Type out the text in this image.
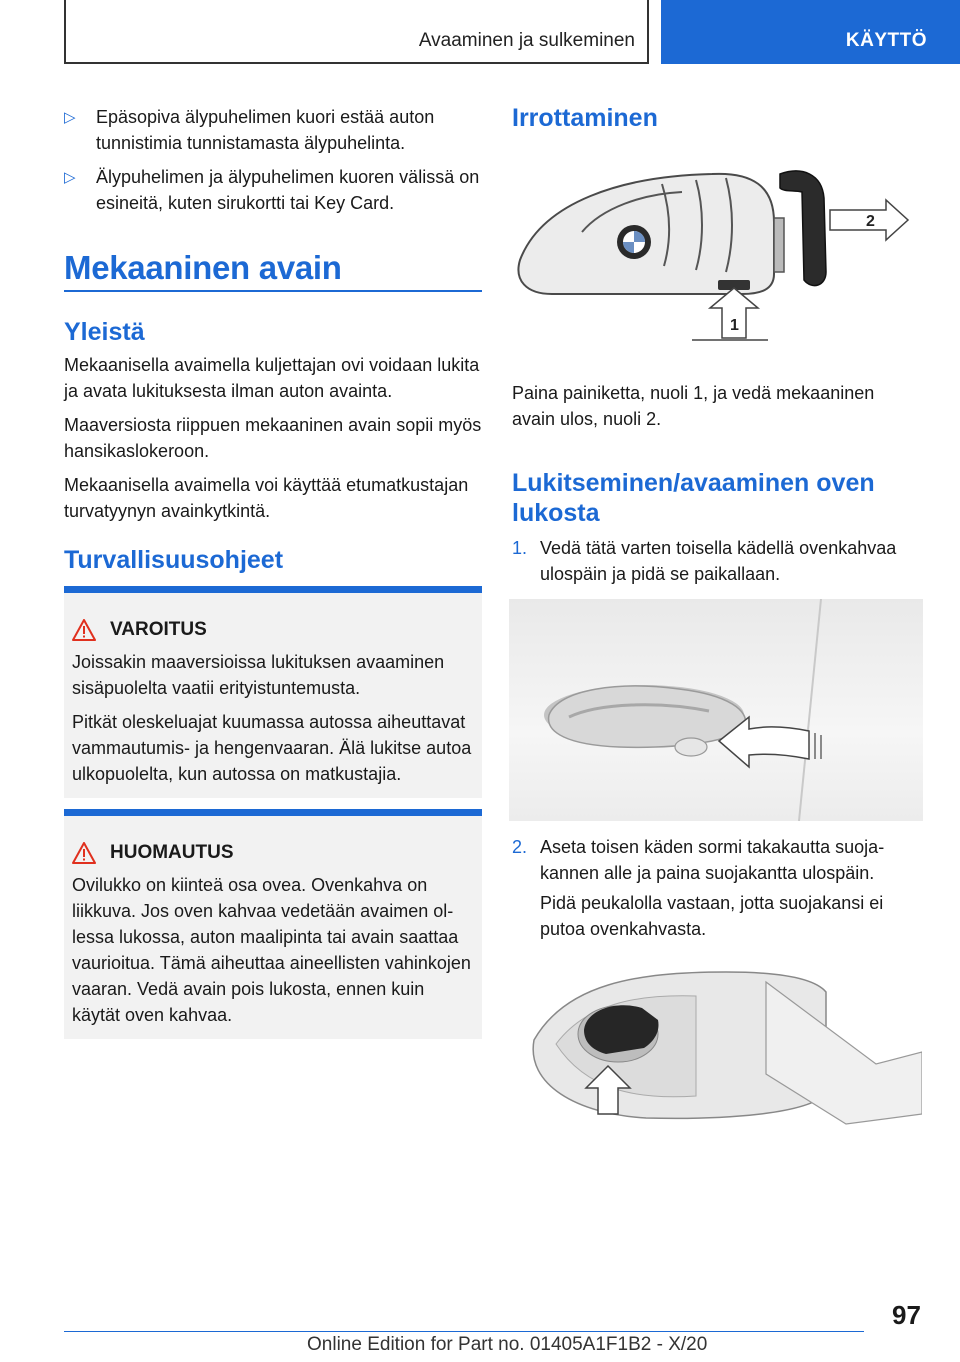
Avaaminen ja sulkeminen	KÄYTTÖ
▷	Epäsopiva älypuhelimen kuori estää auton tunnistimia tunnistamasta älypuhelinta.
▷	Älypuhelimen ja älypuhelimen kuoren välissä on esineitä, kuten sirukortti tai Key Card.
Mekaaninen avain
Yleistä

Mekaanisella avaimella kuljettajan ovi voidaan lukita ja avata lukituksesta ilman auton avainta.

Maaversiosta riippuen mekaaninen avain sopii myös hansikaslokeroon.

Mekaanisella avaimella voi käyttää etumatkustajan turvatyynyn avainkytkintä.

Turvallisuusohjeet
VAROITUS

Joissakin maaversioissa lukituksen avaaminen sisäpuolelta vaatii erityistuntemusta.

Pitkät oleskeluajat kuumassa autossa aiheuttavat vammautumis- ja hengenvaaran. Älä lukitse autoa ulkopuolelta, kun autossa on matkustajia.

HUOMAUTUS

Ovilukko on kiinteä osa ovea. Ovenkahva on liikkuva. Jos oven kahvaa vedetään avaimen ollessa lukossa, auton maalipinta tai avain saattaa vaurioitua. Tämä aiheuttaa aineellisten vahinkojen vaaran. Vedä avain pois lukosta, ennen kuin käytät oven kahvaa.

Irrottaminen
2
1
Paina painiketta, nuoli 1, ja vedä mekaaninen avain ulos, nuoli 2.
Lukitseminen/avaaminen oven lukosta
1. Vedä tätä varten toisella kädellä ovenkahvaa ulospäin ja pidä se paikallaan.
2. Aseta toisen käden sormi takakautta suojakannen alle ja paina suojakantta ulospäin.
Pidä peukalolla vastaan, jotta suojakansi ei putoa ovenkahvasta.
97
Online Edition for Part no. 01405A1F1B2 - X/20
